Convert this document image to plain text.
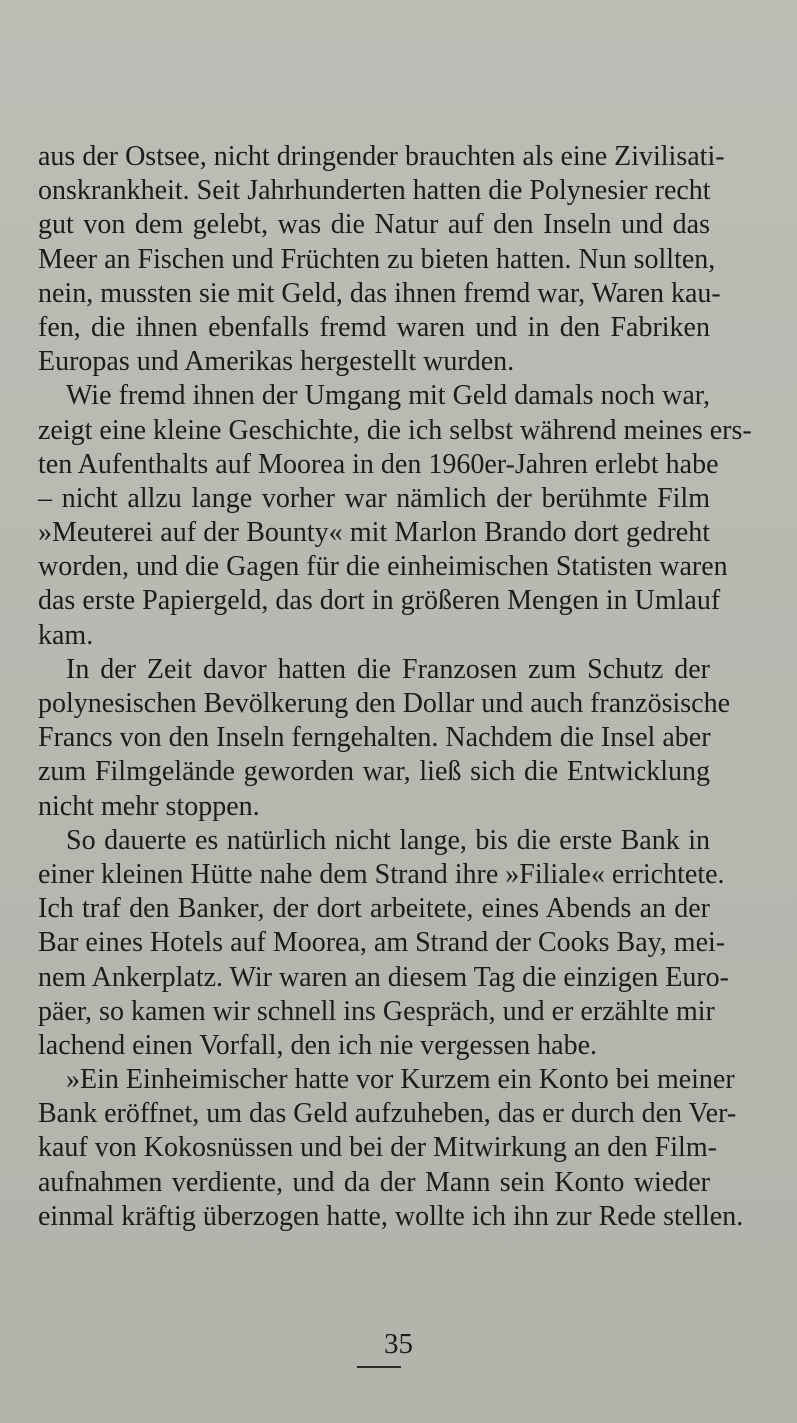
aus der Ostsee, nicht dringender brauchten als eine Zivilisati-
onskrankheit. Seit Jahrhunderten hatten die Polynesier recht
gut von dem gelebt, was die Natur auf den Inseln und das
Meer an Fischen und Früchten zu bieten hatten. Nun sollten,
nein, mussten sie mit Geld, das ihnen fremd war, Waren kau-
fen, die ihnen ebenfalls fremd waren und in den Fabriken
Europas und Amerikas hergestellt wurden.
Wie fremd ihnen der Umgang mit Geld damals noch war,
zeigt eine kleine Geschichte, die ich selbst während meines ers-
ten Aufenthalts auf Moorea in den 1960er-Jahren erlebt habe
– nicht allzu lange vorher war nämlich der berühmte Film
»Meuterei auf der Bounty« mit Marlon Brando dort gedreht
worden, und die Gagen für die einheimischen Statisten waren
das erste Papiergeld, das dort in größeren Mengen in Umlauf
kam.
In der Zeit davor hatten die Franzosen zum Schutz der
polynesischen Bevölkerung den Dollar und auch französische
Francs von den Inseln ferngehalten. Nachdem die Insel aber
zum Filmgelände geworden war, ließ sich die Entwicklung
nicht mehr stoppen.
So dauerte es natürlich nicht lange, bis die erste Bank in
einer kleinen Hütte nahe dem Strand ihre »Filiale« errichtete.
Ich traf den Banker, der dort arbeitete, eines Abends an der
Bar eines Hotels auf Moorea, am Strand der Cooks Bay, mei-
nem Ankerplatz. Wir waren an diesem Tag die einzigen Euro-
päer, so kamen wir schnell ins Gespräch, und er erzählte mir
lachend einen Vorfall, den ich nie vergessen habe.
»Ein Einheimischer hatte vor Kurzem ein Konto bei meiner
Bank eröffnet, um das Geld aufzuheben, das er durch den Ver-
kauf von Kokosnüssen und bei der Mitwirkung an den Film-
aufnahmen verdiente, und da der Mann sein Konto wieder
einmal kräftig überzogen hatte, wollte ich ihn zur Rede stellen.
35
